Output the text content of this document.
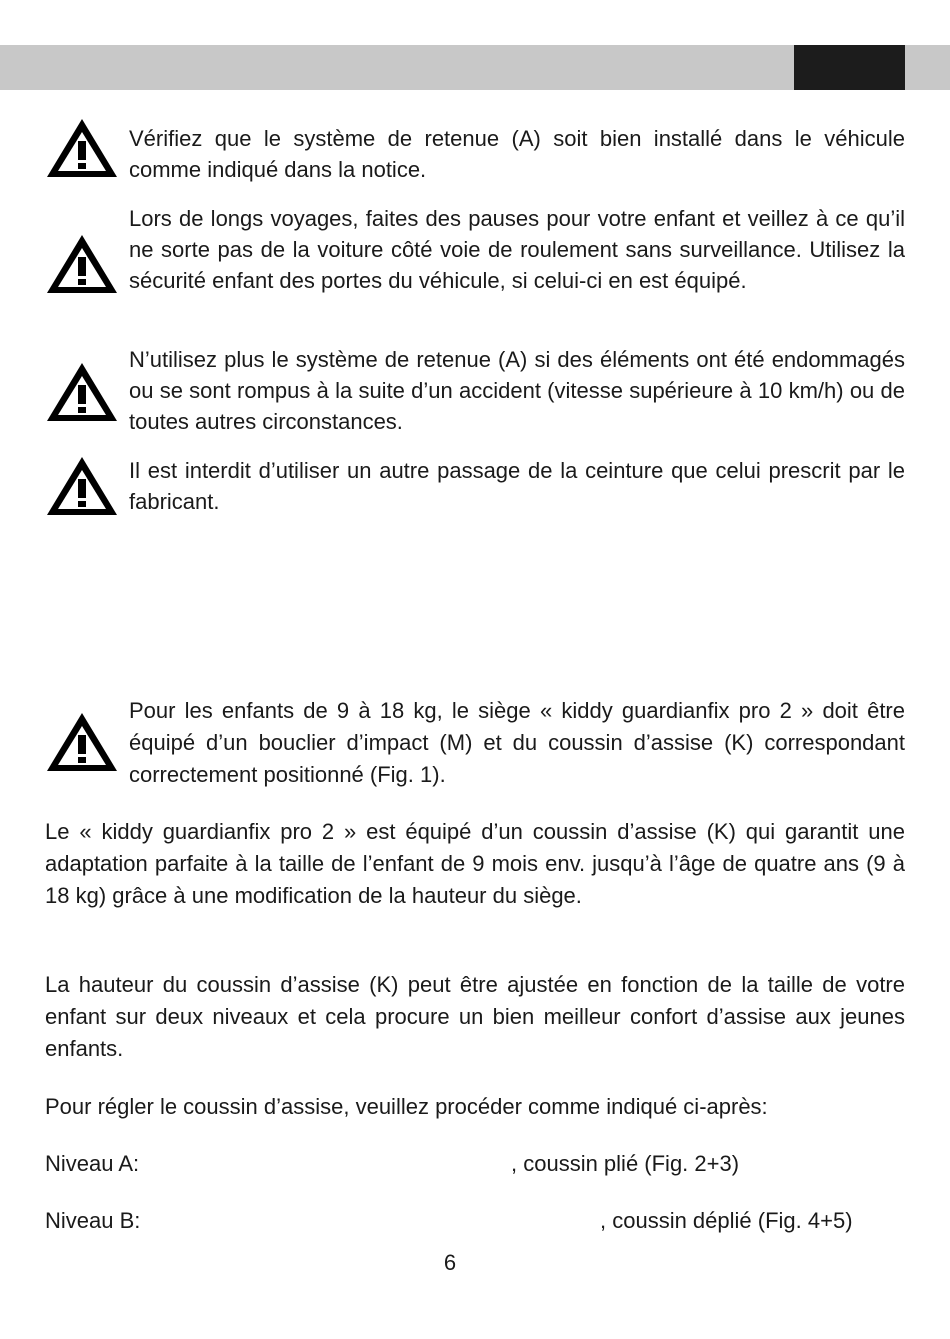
Vérifiez que le système de retenue (A) soit bien installé dans le véhicule comme indiqué dans la notice.

Lors de longs voyages, faites des pauses pour votre enfant et veillez à ce qu’il ne sorte pas de la voiture côté voie de roulement sans surveillance. Utilisez la sécurité enfant des portes du véhicule, si celui-ci en est équipé.

N’utilisez plus le système de retenue (A) si des éléments ont été endommagés ou se sont rompus à la suite d’un accident (vitesse supérieure à 10 km/h) ou de toutes autres circonstances.

Il est interdit d’utiliser un autre passage de la ceinture que celui prescrit par le fabricant.

Pour les enfants de 9 à 18 kg, le siège « kiddy guardianfix pro 2 » doit être équipé d’un bouclier d’impact (M) et du coussin d’assise (K) correspondant correctement positionné (Fig. 1).

Le « kiddy guardianfix pro 2 » est équipé d’un coussin d’assise (K) qui garantit une adaptation parfaite à la taille de l’enfant de 9 mois env. jusqu’à l’âge de quatre ans (9 à 18 kg) grâce à une modification de la hauteur du siège.

La hauteur du coussin d’assise (K) peut être ajustée en fonction de la taille de votre enfant sur deux niveaux et cela procure un bien meilleur confort d’assise aux jeunes enfants.

Pour régler le coussin d’assise, veuillez procéder comme indiqué ci-après:

Niveau A:	, coussin plié (Fig. 2+3)
Niveau B:	, coussin déplié (Fig. 4+5)
6
